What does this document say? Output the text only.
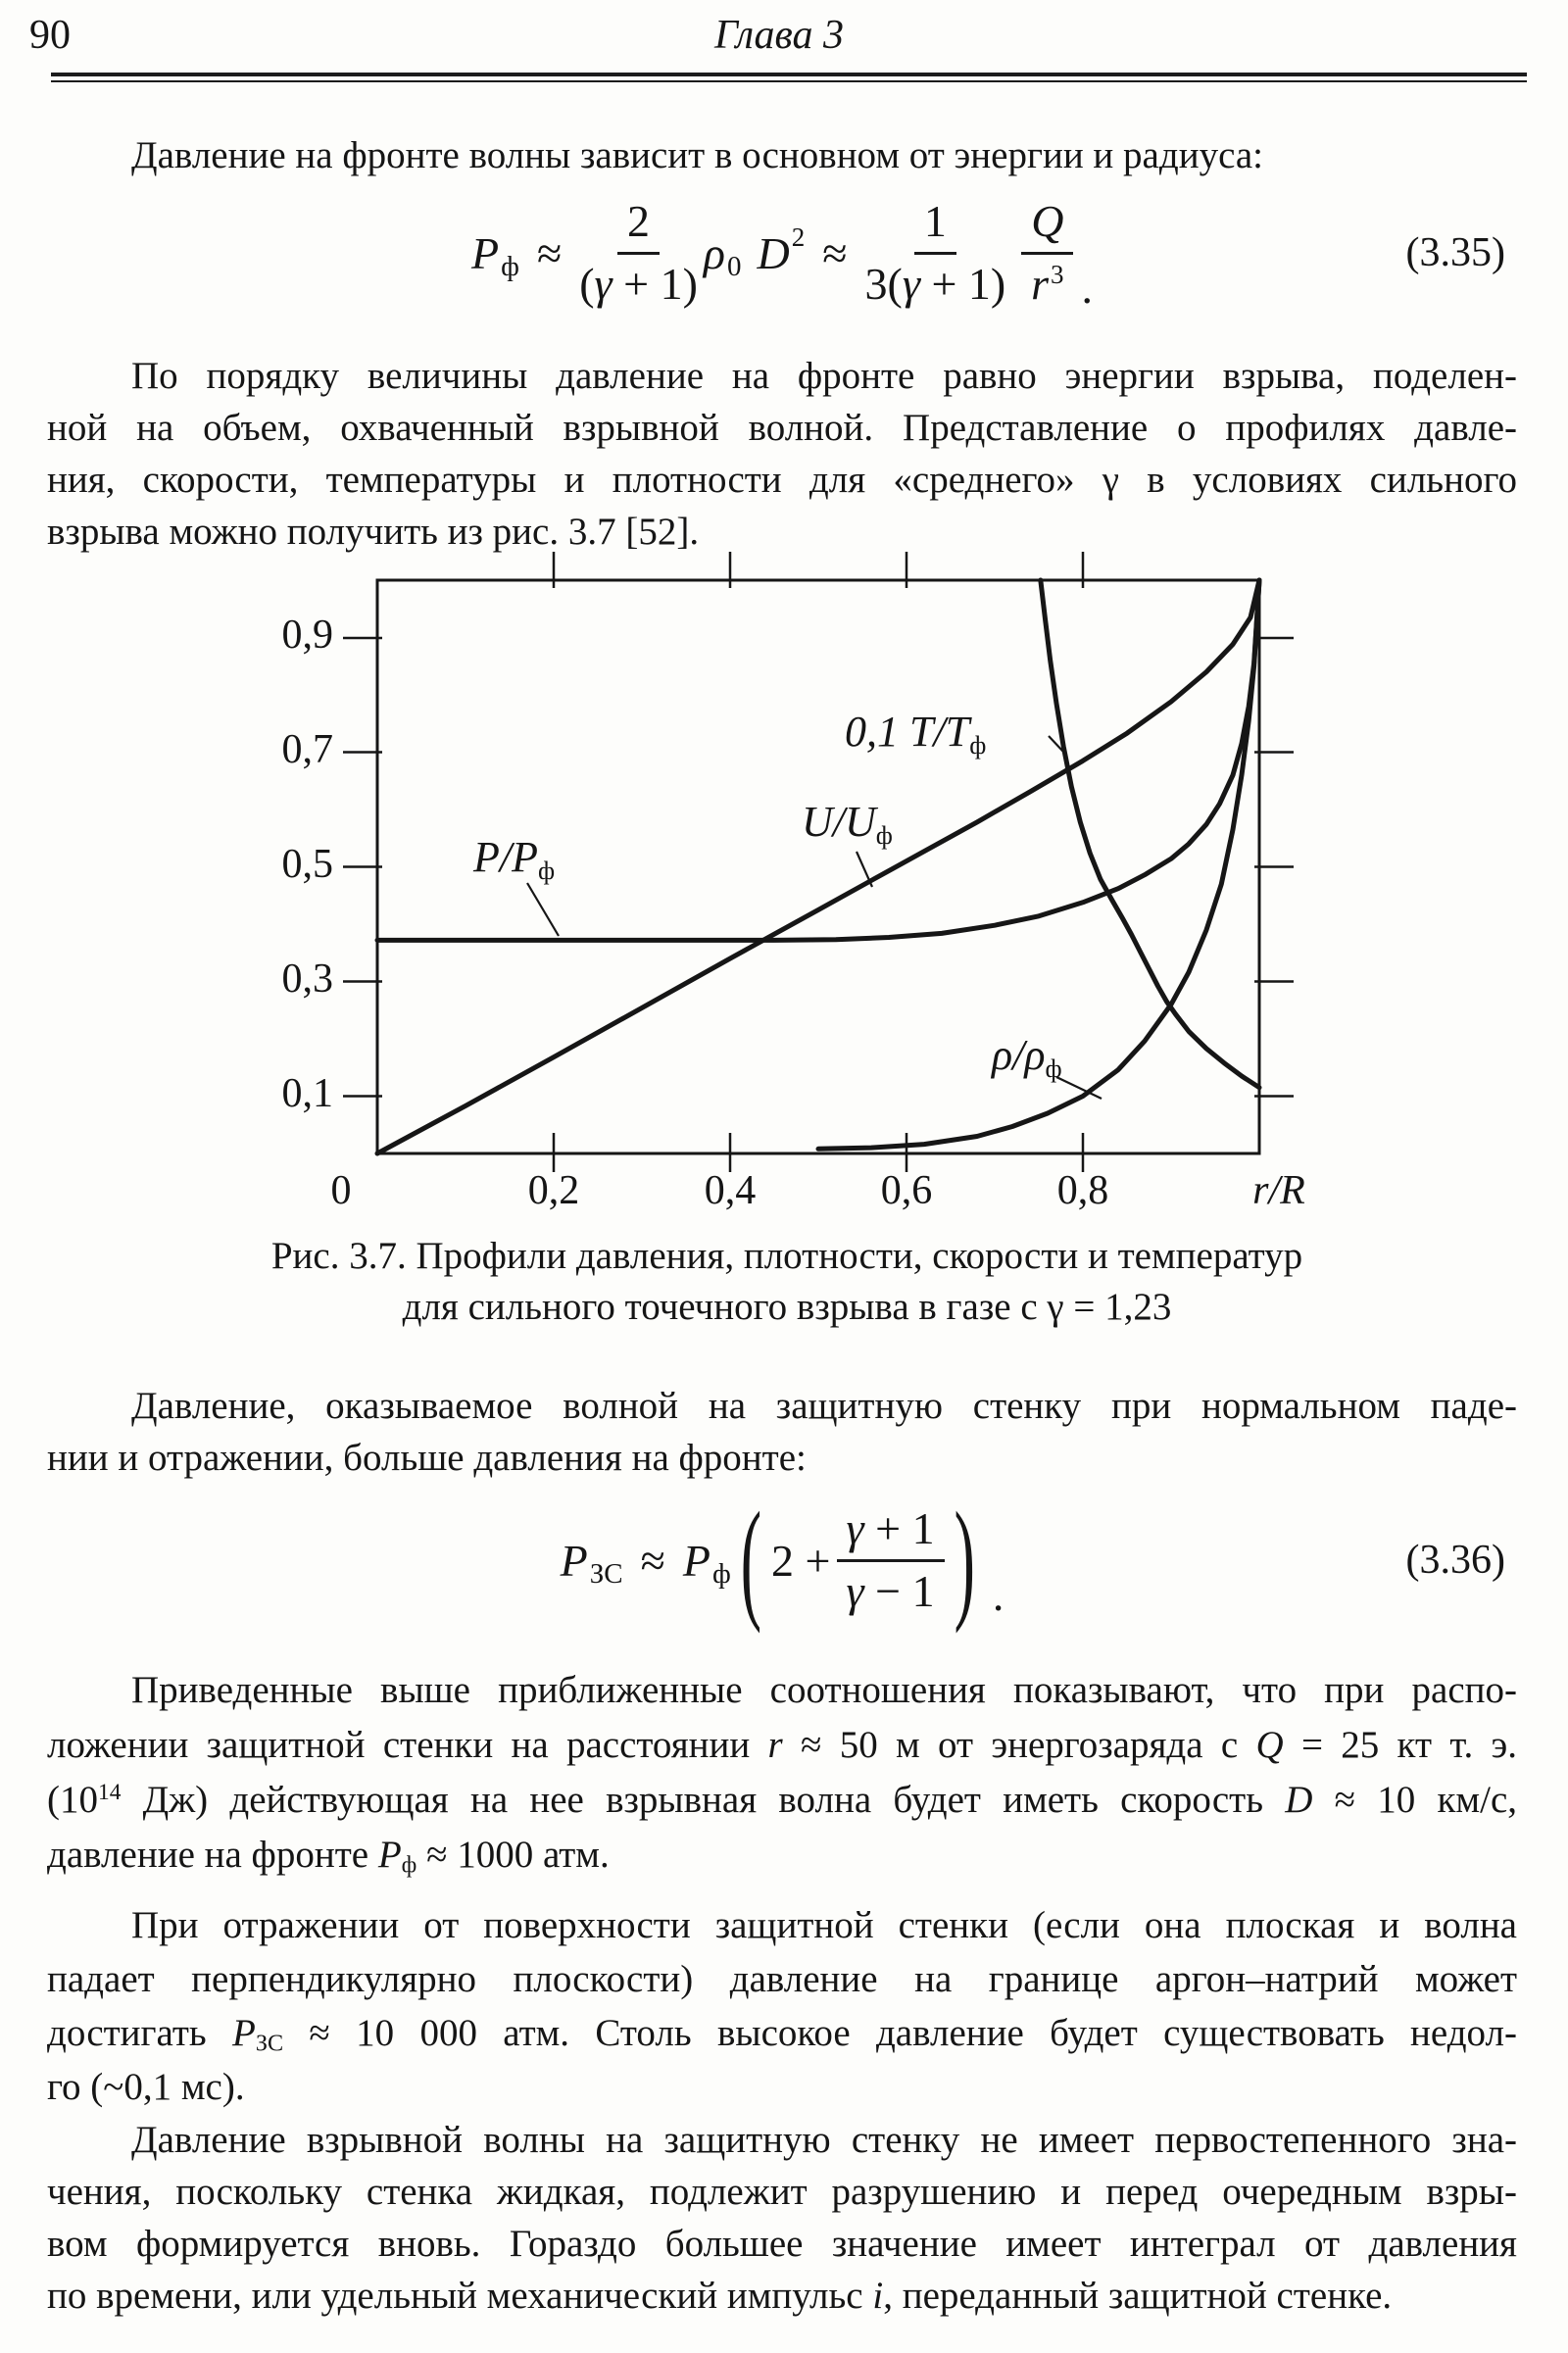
90	Глава 3
Давление на фронте волны зависит в основном от энергии и радиуса:
P $ф \approx \frac{2}{(\gamma + 1)}$ ρ 0 D $2 \approx \frac{1}{3(\gamma + 1)} \frac{Q}{r^3}$ .
(3.35)
По порядку величины давление на фронте равно энергии взрыва, поделен-
ной на объем, охваченный взрывной волной. Представление о профилях давле-
ния, скорости, температуры и плотности для «среднего» γ в условиях сильного
взрыва можно получить из рис. 3.7 [52].
0,9
0,7
0,5
0,3
0,1
0	0,2	0,4	0,6	0,8	r/R
$P/P_ф$
$U/U_ф$
0,1 $T/T_ф$
$\rho/\rho_ф$
Рис. 3.7. Профили давления, плотности, скорости и температур
для сильного точечного взрыва в газе с γ = 1,23
Давление, оказываемое волной на защитную стенку при нормальном паде-
нии и отражении, больше давления на фронте:
P ЗС ≈ P ф ( $2 + \frac{\gamma + 1}{\gamma - 1}$ ) .
(3.36)
Приведенные выше приближенные соотношения показывают, что при распо-
ложении защитной стенки на расстоянии r ≈ 50 м от энергозаряда с Q = 25 кт т. э.
($10^{14}$ Дж) действующая на нее взрывная волна будет иметь скорость D ≈ 10 км/с,
давление на фронте $P_ф \approx 1000$ атм.
При отражении от поверхности защитной стенки (если она плоская и волна
падает перпендикулярно плоскости) давление на границе аргон–натрий может
достигать $P_{ЗС} \approx 10$ 000 атм. Столь высокое давление будет существовать недол-
го (~0,1 мс).
Давление взрывной волны на защитную стенку не имеет первостепенного зна-
чения, поскольку стенка жидкая, подлежит разрушению и перед очередным взры-
вом формируется вновь. Гораздо большее значение имеет интеграл от давления
по времени, или удельный механический импульс i, переданный защитной стенке.
